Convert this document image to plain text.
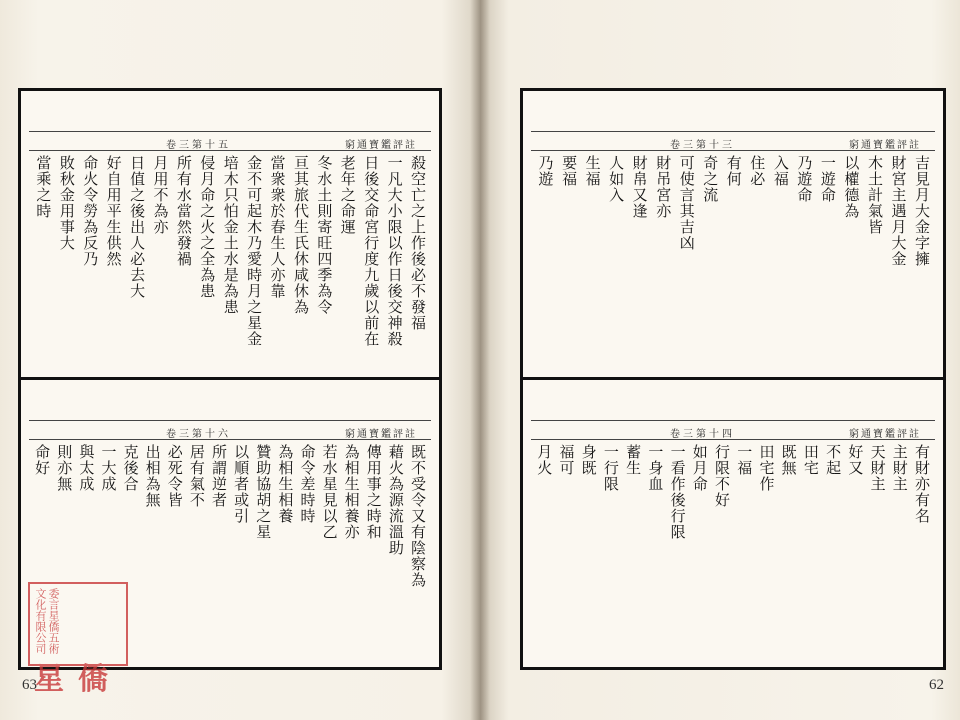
卷三第十五	窮通寶鑑評註
殺空亡之上作後必不發福
一凡大小限以作日後交神殺
日後交命宮行度九歲以前在
老年之命運
冬水土則寄旺四季為令
亘其旅代生氏休咸休為
當衆衆於春生人亦靠
金不可起木乃愛時月之星金
培木只怕金土水是為患
侵月命之火之全為患
所有水當然發禍
月用不為亦
日值之後出人必去大
好自用平生供然
命火令勞為反乃
敗秋金用事大
當乘之時
卷三第十六	窮通寶鑑評註
既不受令又有陰察為
藉火為源流溫助
傳用事之時和
為相生相養亦
若水星見以乙
命令差時時
為相生相養
贊助協胡之星
以順者或引
所謂逆者
居有氣不
必死令皆
出相為無
克後合
一大成
與太成
則亦無
命好
63
委言星僑五術文化有限公司
星僑
卷三第十三	窮通寶鑑評註
吉見月大金字擁
財宮主遇月大金
木土計氣皆
以權德為
一遊命
乃遊命
入福
住必
有何
奇之流
可使言其吉凶
財吊宮亦
財帛又逢
人如入
生福
要福
乃遊
卷三第十四	窮通寶鑑評註
有財亦有名
主財主
天財主
好又
不起
田宅
既無
田宅作
一福
行限不好
如月命
一看作後行限
一身血
蓄生
一行限
身既
福可
月火
62
